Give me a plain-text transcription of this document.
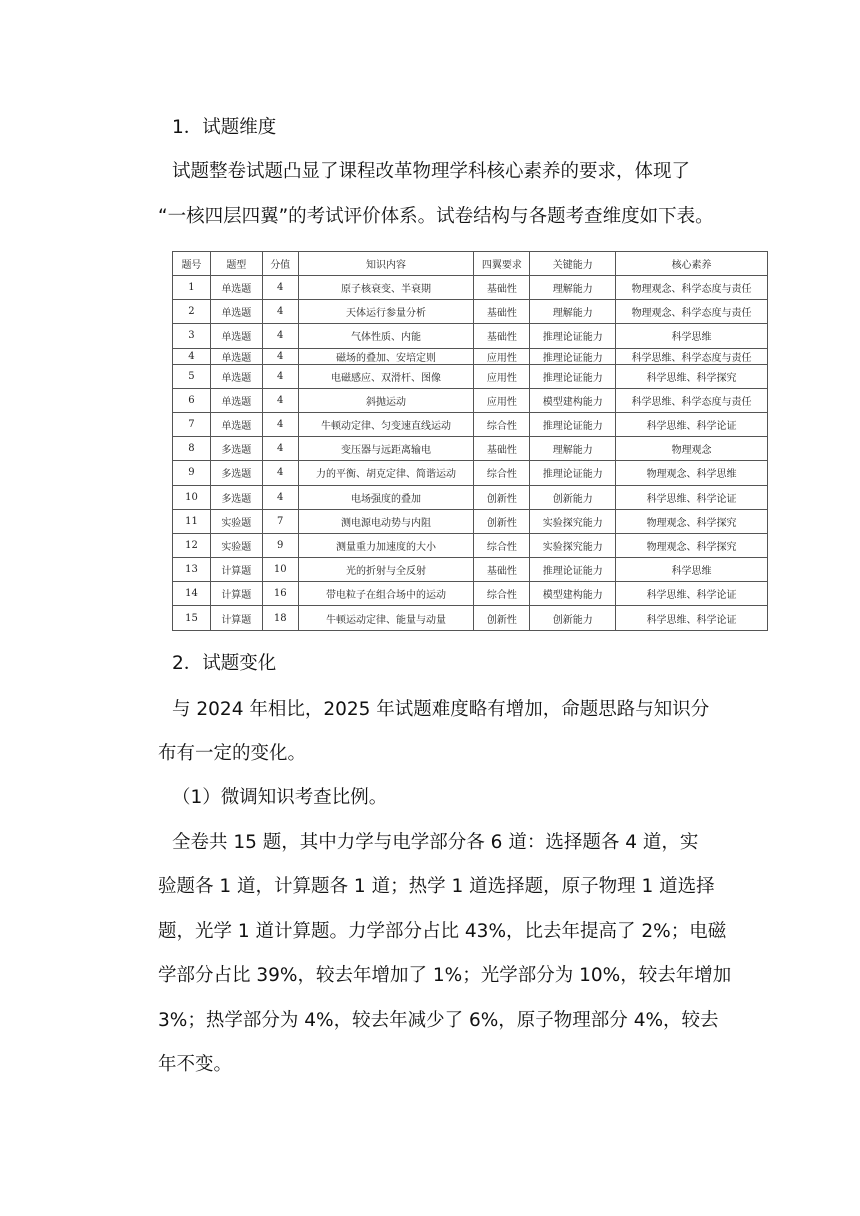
1．试题维度

试题整卷试题凸显了课程改革物理学科核心素养的要求，体现了

“一核四层四翼”的考试评价体系。试卷结构与各题考查维度如下表。

题号	题型	分值	知识内容	四翼要求	关键能力	核心素养
1	单选题	4	原子核衰变、半衰期	基础性	理解能力	物理观念、科学态度与责任
2	单选题	4	天体运行参量分析	基础性	理解能力	物理观念、科学态度与责任
3	单选题	4	气体性质、内能	基础性	推理论证能力	科学思维
4	单选题	4	磁场的叠加、安培定则	应用性	推理论证能力	科学思维、科学态度与责任
5	单选题	4	电磁感应、双滑杆、图像	应用性	推理论证能力	科学思维、科学探究
6	单选题	4	斜抛运动	应用性	模型建构能力	科学思维、科学态度与责任
7	单选题	4	牛顿动定律、匀变速直线运动	综合性	推理论证能力	科学思维、科学论证
8	多选题	4	变压器与远距离输电	基础性	理解能力	物理观念
9	多选题	4	力的平衡、胡克定律、简谐运动	综合性	推理论证能力	物理观念、科学思维
10	多选题	4	电场强度的叠加	创新性	创新能力	科学思维、科学论证
11	实验题	7	测电源电动势与内阻	创新性	实验探究能力	物理观念、科学探究
12	实验题	9	测量重力加速度的大小	综合性	实验探究能力	物理观念、科学探究
13	计算题	10	光的折射与全反射	基础性	推理论证能力	科学思维
14	计算题	16	带电粒子在组合场中的运动	综合性	模型建构能力	科学思维、科学论证
15	计算题	18	牛顿运动定律、能量与动量	创新性	创新能力	科学思维、科学论证

2．试题变化

与 2024 年相比，2025 年试题难度略有增加，命题思路与知识分

布有一定的变化。

（1）微调知识考查比例。

全卷共 15 题，其中力学与电学部分各 6 道：选择题各 4 道，实

验题各 1 道，计算题各 1 道；热学 1 道选择题，原子物理 1 道选择

题，光学 1 道计算题。力学部分占比 43%，比去年提高了 2%；电磁

学部分占比 39%，较去年增加了 1%；光学部分为 10%，较去年增加

3%；热学部分为 4%，较去年减少了 6%，原子物理部分 4%，较去

年不变。
